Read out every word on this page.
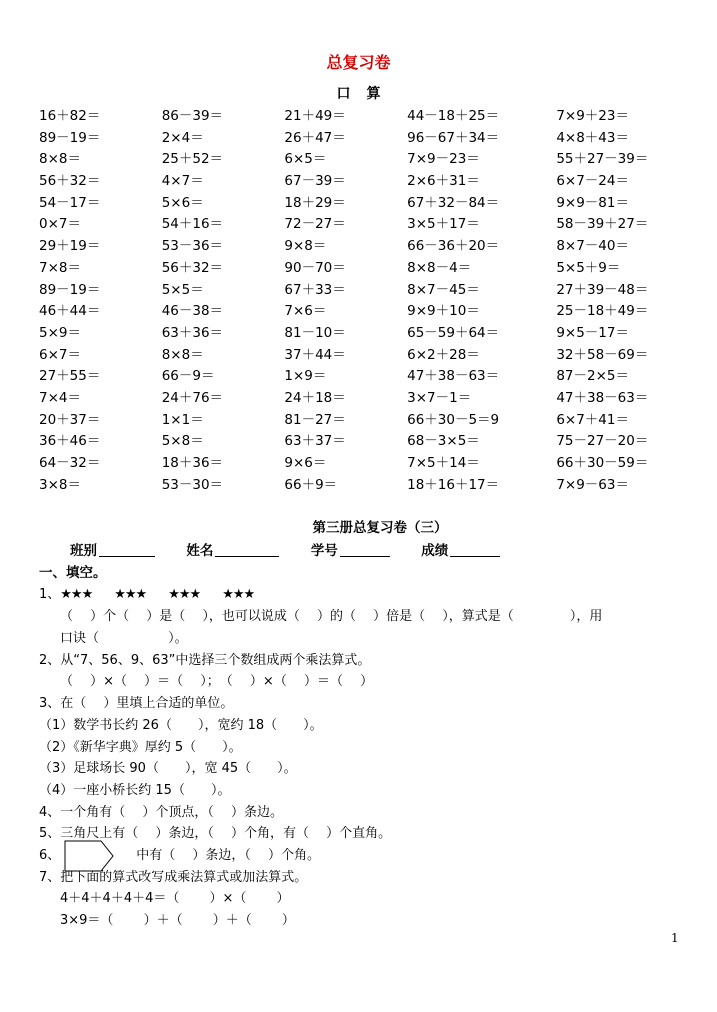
总复习卷
口 算
16＋82＝	86－39＝	21＋49＝	44－18＋25＝	7×9＋23＝
89－19＝	2×4＝	26＋47＝	96－67＋34＝	4×8＋43＝
8×8＝	25＋52＝	6×5＝	7×9－23＝	55＋27－39＝
56＋32＝	4×7＝	67－39＝	2×6＋31＝	6×7－24＝
54－17＝	5×6＝	18＋29＝	67＋32－84＝	9×9－81＝
0×7＝	54＋16＝	72－27＝	3×5＋17＝	58－39＋27＝
29＋19＝	53－36＝	9×8＝	66－36＋20＝	8×7－40＝
7×8＝	56＋32＝	90－70＝	8×8－4＝	5×5＋9＝
89－19＝	5×5＝	67＋33＝	8×7－45＝	27＋39－48＝
46＋44＝	46－38＝	7×6＝	9×9＋10＝	25－18＋49＝
5×9＝	63＋36＝	81－10＝	65－59＋64＝	9×5－17＝
6×7＝	8×8＝	37＋44＝	6×2＋28＝	32＋58－69＝
27＋55＝	66－9＝	1×9＝	47＋38－63＝	87－2×5＝
7×4＝	24＋76＝	24＋18＝	3×7－1＝	47＋38－63＝
20＋37＝	1×1＝	81－27＝	66＋30－5＝9	6×7＋41＝
36＋46＝	5×8＝	63＋37＝	68－3×5＝	75－27－20＝
64－32＝	18＋36＝	9×6＝	7×5＋14＝	66＋30－59＝
3×8＝	53－30＝	66＋9＝	18＋16＋17＝	7×9－63＝
第三册总复习卷（三）
班别	姓名	学号	成绩
一、填空。
1、★★★ ★★★ ★★★ ★★★
（　 ）个（　 ）是（　 ），也可以说成（　 ）的（　 ）倍是（　 ），算式是（　　　　 ），用
口诀（　　　　　 ）。
2、从“7、56、9、63”中选择三个数组成两个乘法算式。
（　 ）×（　 ）＝（　 ）；　（　 ）×（　 ）＝（　 ）
3、在（　 ）里填上合适的单位。
（1）数学书长约 26（　　），宽约 18（　　）。
（2）《新华字典》厚约 5（　　）。
（3）足球场长 90（　　），宽 45（　　）。
（4）一座小桥长约 15（　　）。
4、一个角有（　 ）个顶点，（　 ）条边。
5、三角尺上有（　 ）条边，（　 ）个角，有（　 ）个直角。
6、	中有（　 ）条边，（　 ）个角。
7、把下面的算式改写成乘法算式或加法算式。
4＋4＋4＋4＋4＝（　　 ）×（　　 ）
3×9＝（　　 ）＋（　　 ）＋（　　 ）
1
